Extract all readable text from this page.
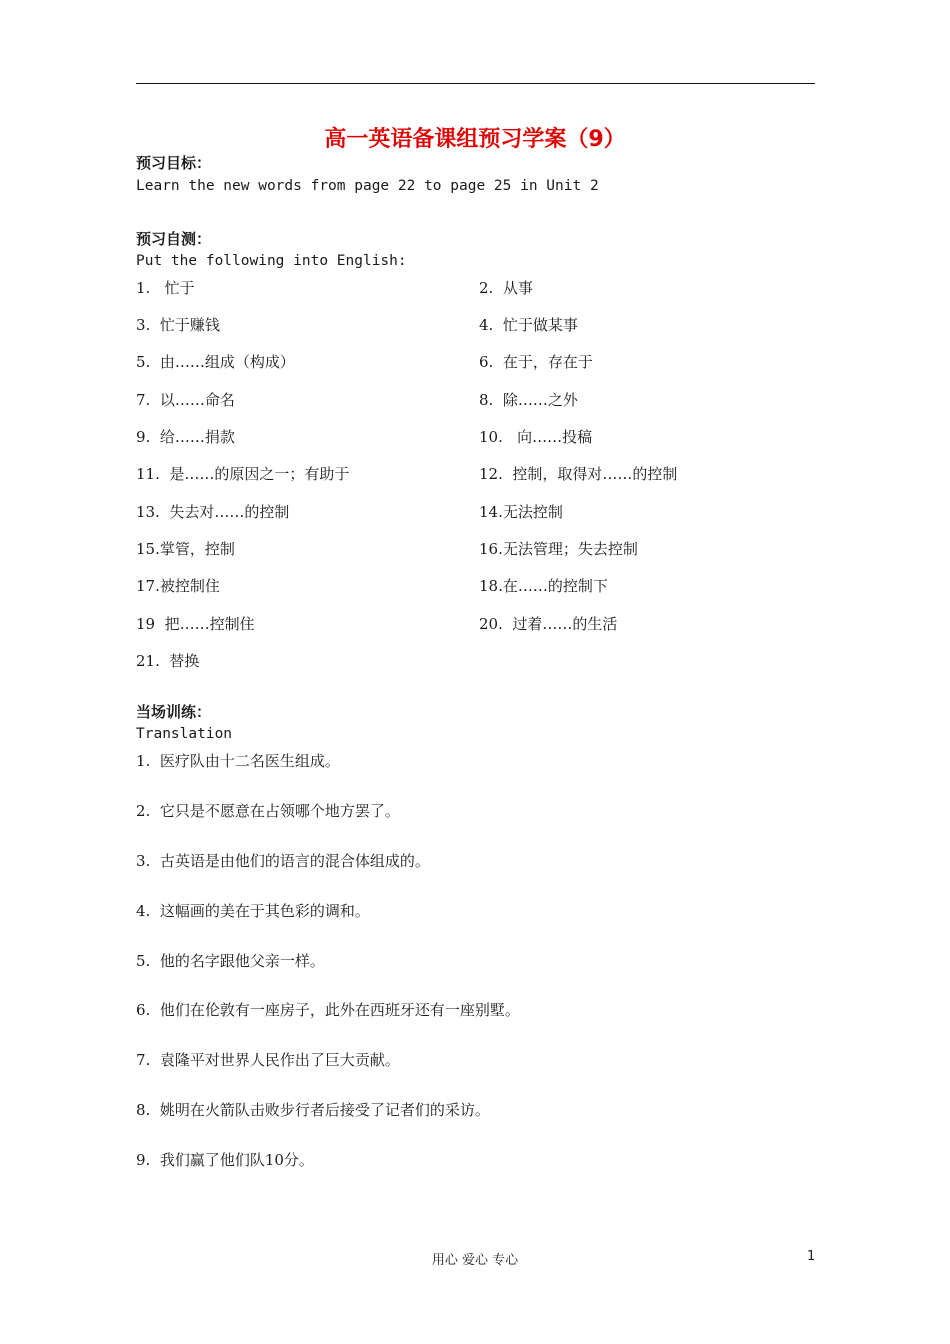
高一英语备课组预习学案（9）
预习目标：
Learn the new words from page 22 to page 25 in Unit 2
预习自测：
Put the following into English:
1.   忙于	2.  从事
3.  忙于赚钱	4.  忙于做某事
5.  由……组成（构成）	6.  在于，存在于
7.  以……命名	8.  除……之外
9.  给……捐款	10.   向……投稿
11.  是……的原因之一；有助于	12.  控制，取得对……的控制
13.  失去对……的控制	14.无法控制
15.掌管，控制	16.无法管理；失去控制
17.被控制住	18.在……的控制下
19  把……控制住	20.  过着……的生活
21.  替换
当场训练：
Translation
1.  医疗队由十二名医生组成。
2.  它只是不愿意在占领哪个地方罢了。
3.  古英语是由他们的语言的混合体组成的。
4.  这幅画的美在于其色彩的调和。
5.  他的名字跟他父亲一样。
6.  他们在伦敦有一座房子，此外在西班牙还有一座别墅。
7.  袁隆平对世界人民作出了巨大贡献。
8.  姚明在火箭队击败步行者后接受了记者们的采访。
9.  我们赢了他们队10分。
用心 爱心 专心	1
